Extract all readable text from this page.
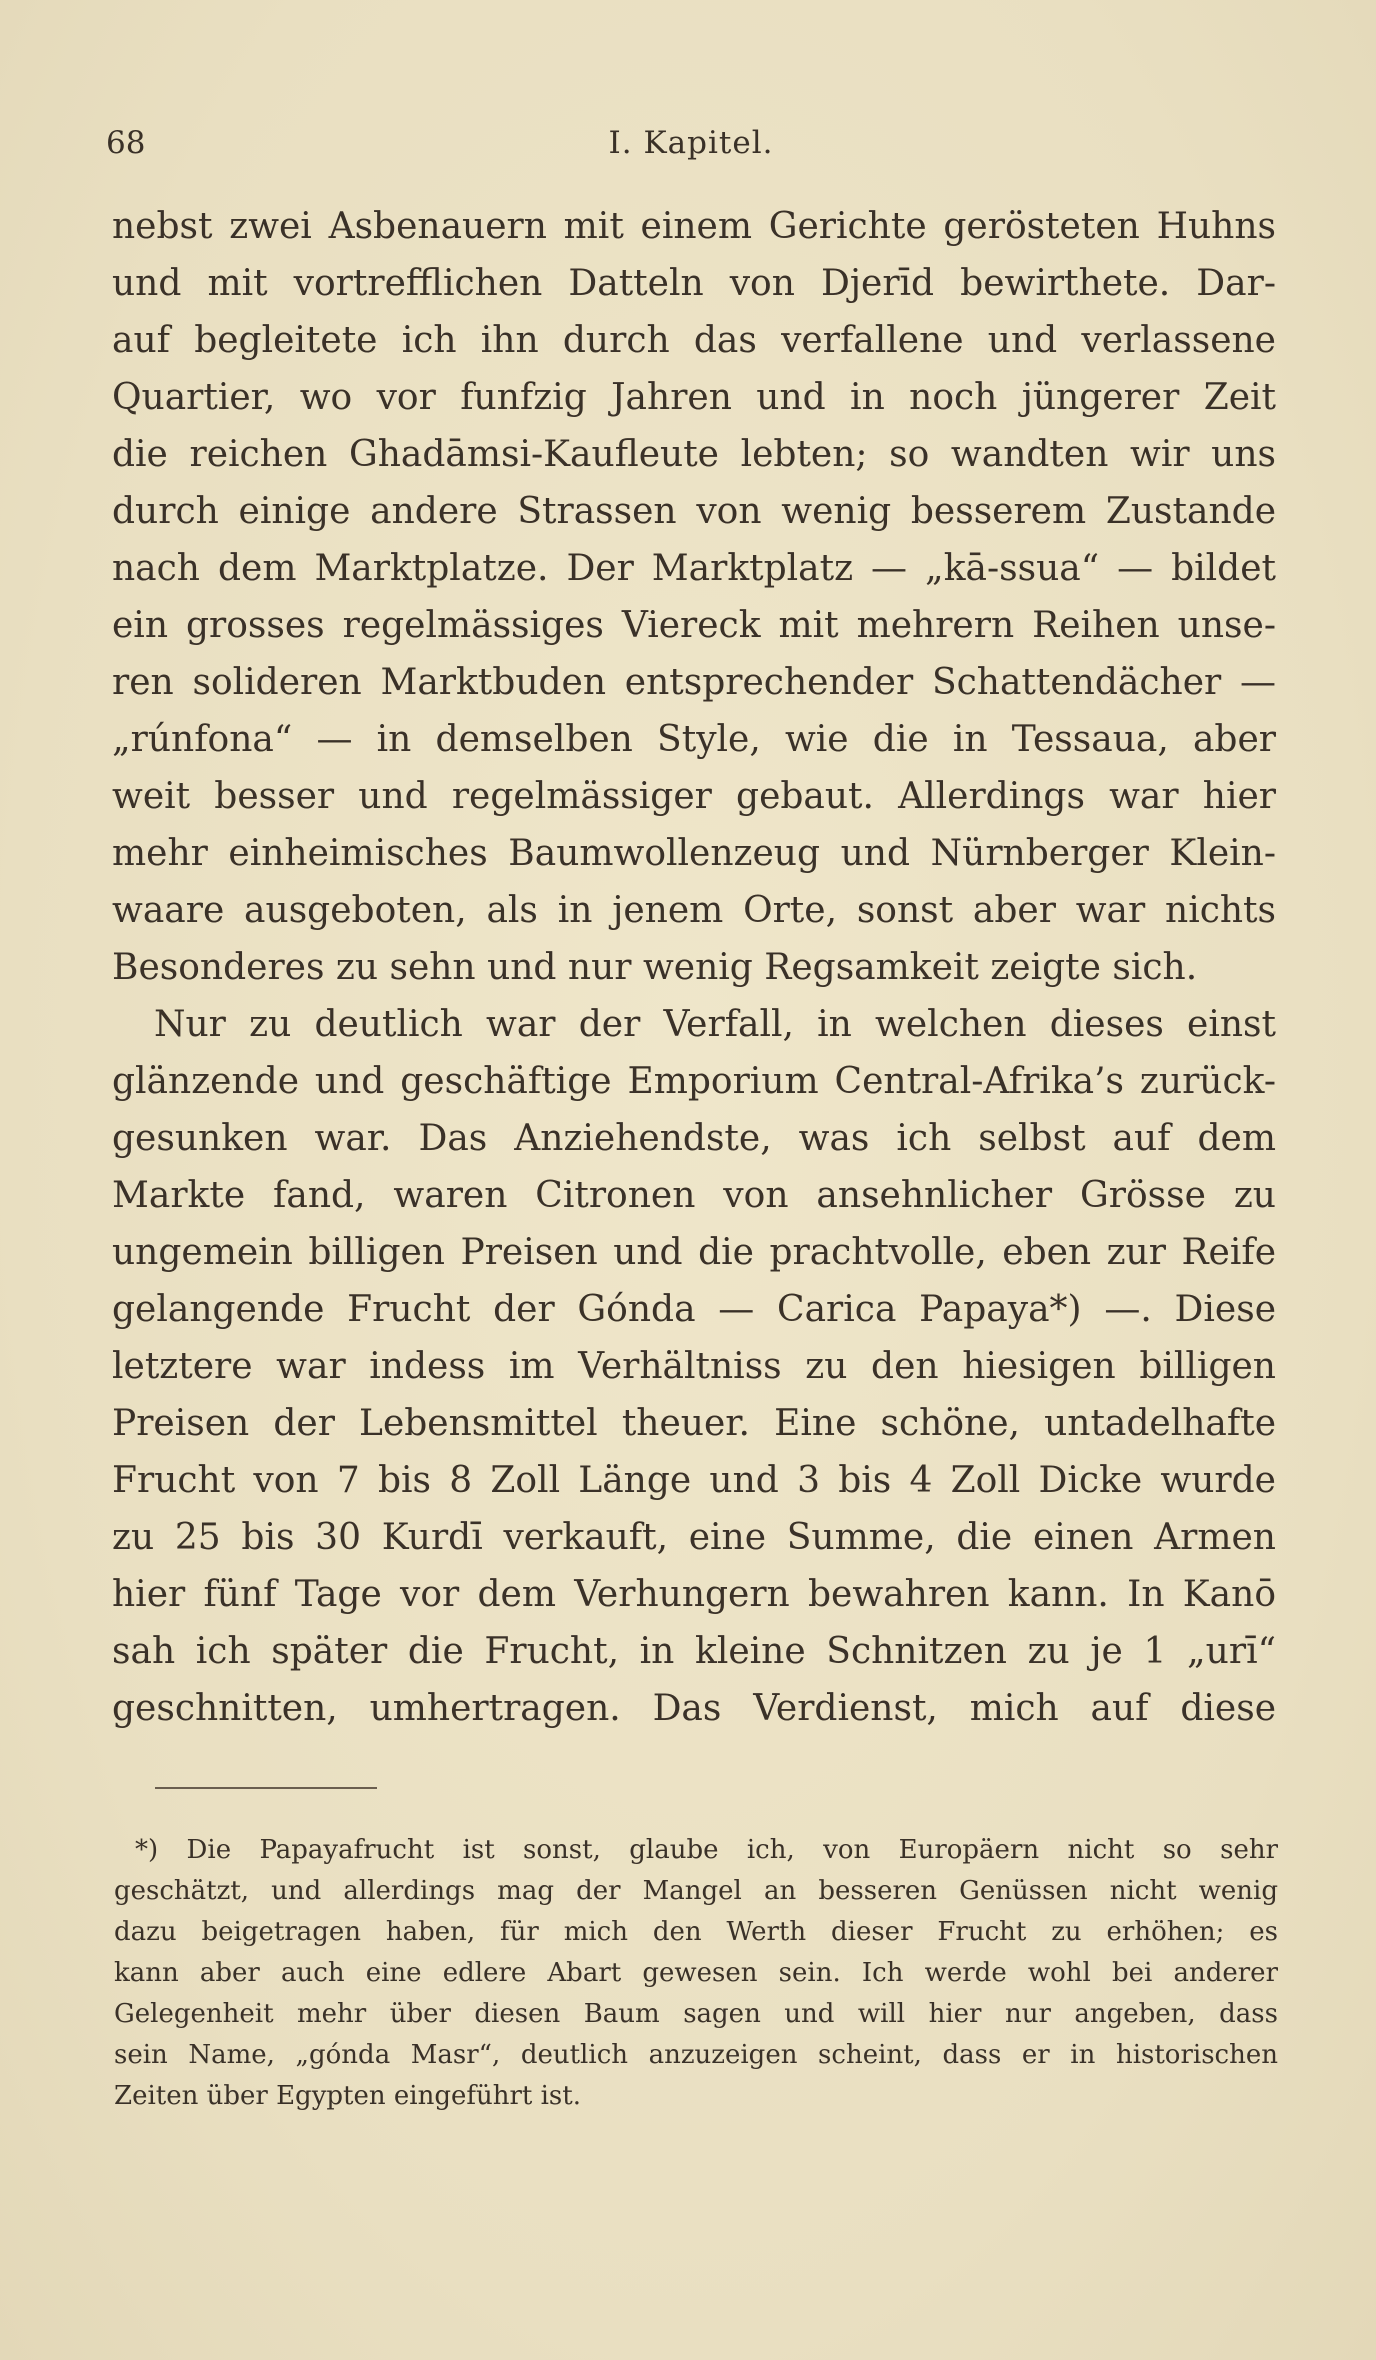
68	I. Kapitel.
nebst zwei Asbenauern mit einem Gerichte gerösteten Huhns
und mit vortrefflichen Datteln von Djerīd bewirthete. Dar-
auf begleitete ich ihn durch das verfallene und verlassene
Quartier, wo vor funfzig Jahren und in noch jüngerer Zeit
die reichen Ghadāmsi-Kaufleute lebten; so wandten wir uns
durch einige andere Strassen von wenig besserem Zustande
nach dem Marktplatze. Der Marktplatz — „kā-ssua“ — bildet
ein grosses regelmässiges Viereck mit mehrern Reihen unse-
ren solideren Marktbuden entsprechender Schattendächer —
„rúnfona“ — in demselben Style, wie die in Tessaua, aber
weit besser und regelmässiger gebaut. Allerdings war hier
mehr einheimisches Baumwollenzeug und Nürnberger Klein-
waare ausgeboten, als in jenem Orte, sonst aber war nichts
Besonderes zu sehn und nur wenig Regsamkeit zeigte sich.
Nur zu deutlich war der Verfall, in welchen dieses einst
glänzende und geschäftige Emporium Central-Afrika’s zurück-
gesunken war. Das Anziehendste, was ich selbst auf dem
Markte fand, waren Citronen von ansehnlicher Grösse zu
ungemein billigen Preisen und die prachtvolle, eben zur Reife
gelangende Frucht der Gónda — Carica Papaya*) —. Diese
letztere war indess im Verhältniss zu den hiesigen billigen
Preisen der Lebensmittel theuer. Eine schöne, untadelhafte
Frucht von 7 bis 8 Zoll Länge und 3 bis 4 Zoll Dicke wurde
zu 25 bis 30 Kurdī verkauft, eine Summe, die einen Armen
hier fünf Tage vor dem Verhungern bewahren kann. In Kanō
sah ich später die Frucht, in kleine Schnitzen zu je 1 „urī“
geschnitten, umhertragen. Das Verdienst, mich auf diese
*) Die Papayafrucht ist sonst, glaube ich, von Europäern nicht so sehr
geschätzt, und allerdings mag der Mangel an besseren Genüssen nicht wenig
dazu beigetragen haben, für mich den Werth dieser Frucht zu erhöhen; es
kann aber auch eine edlere Abart gewesen sein. Ich werde wohl bei anderer
Gelegenheit mehr über diesen Baum sagen und will hier nur angeben, dass
sein Name, „gónda Masr“, deutlich anzuzeigen scheint, dass er in historischen
Zeiten über Egypten eingeführt ist.
